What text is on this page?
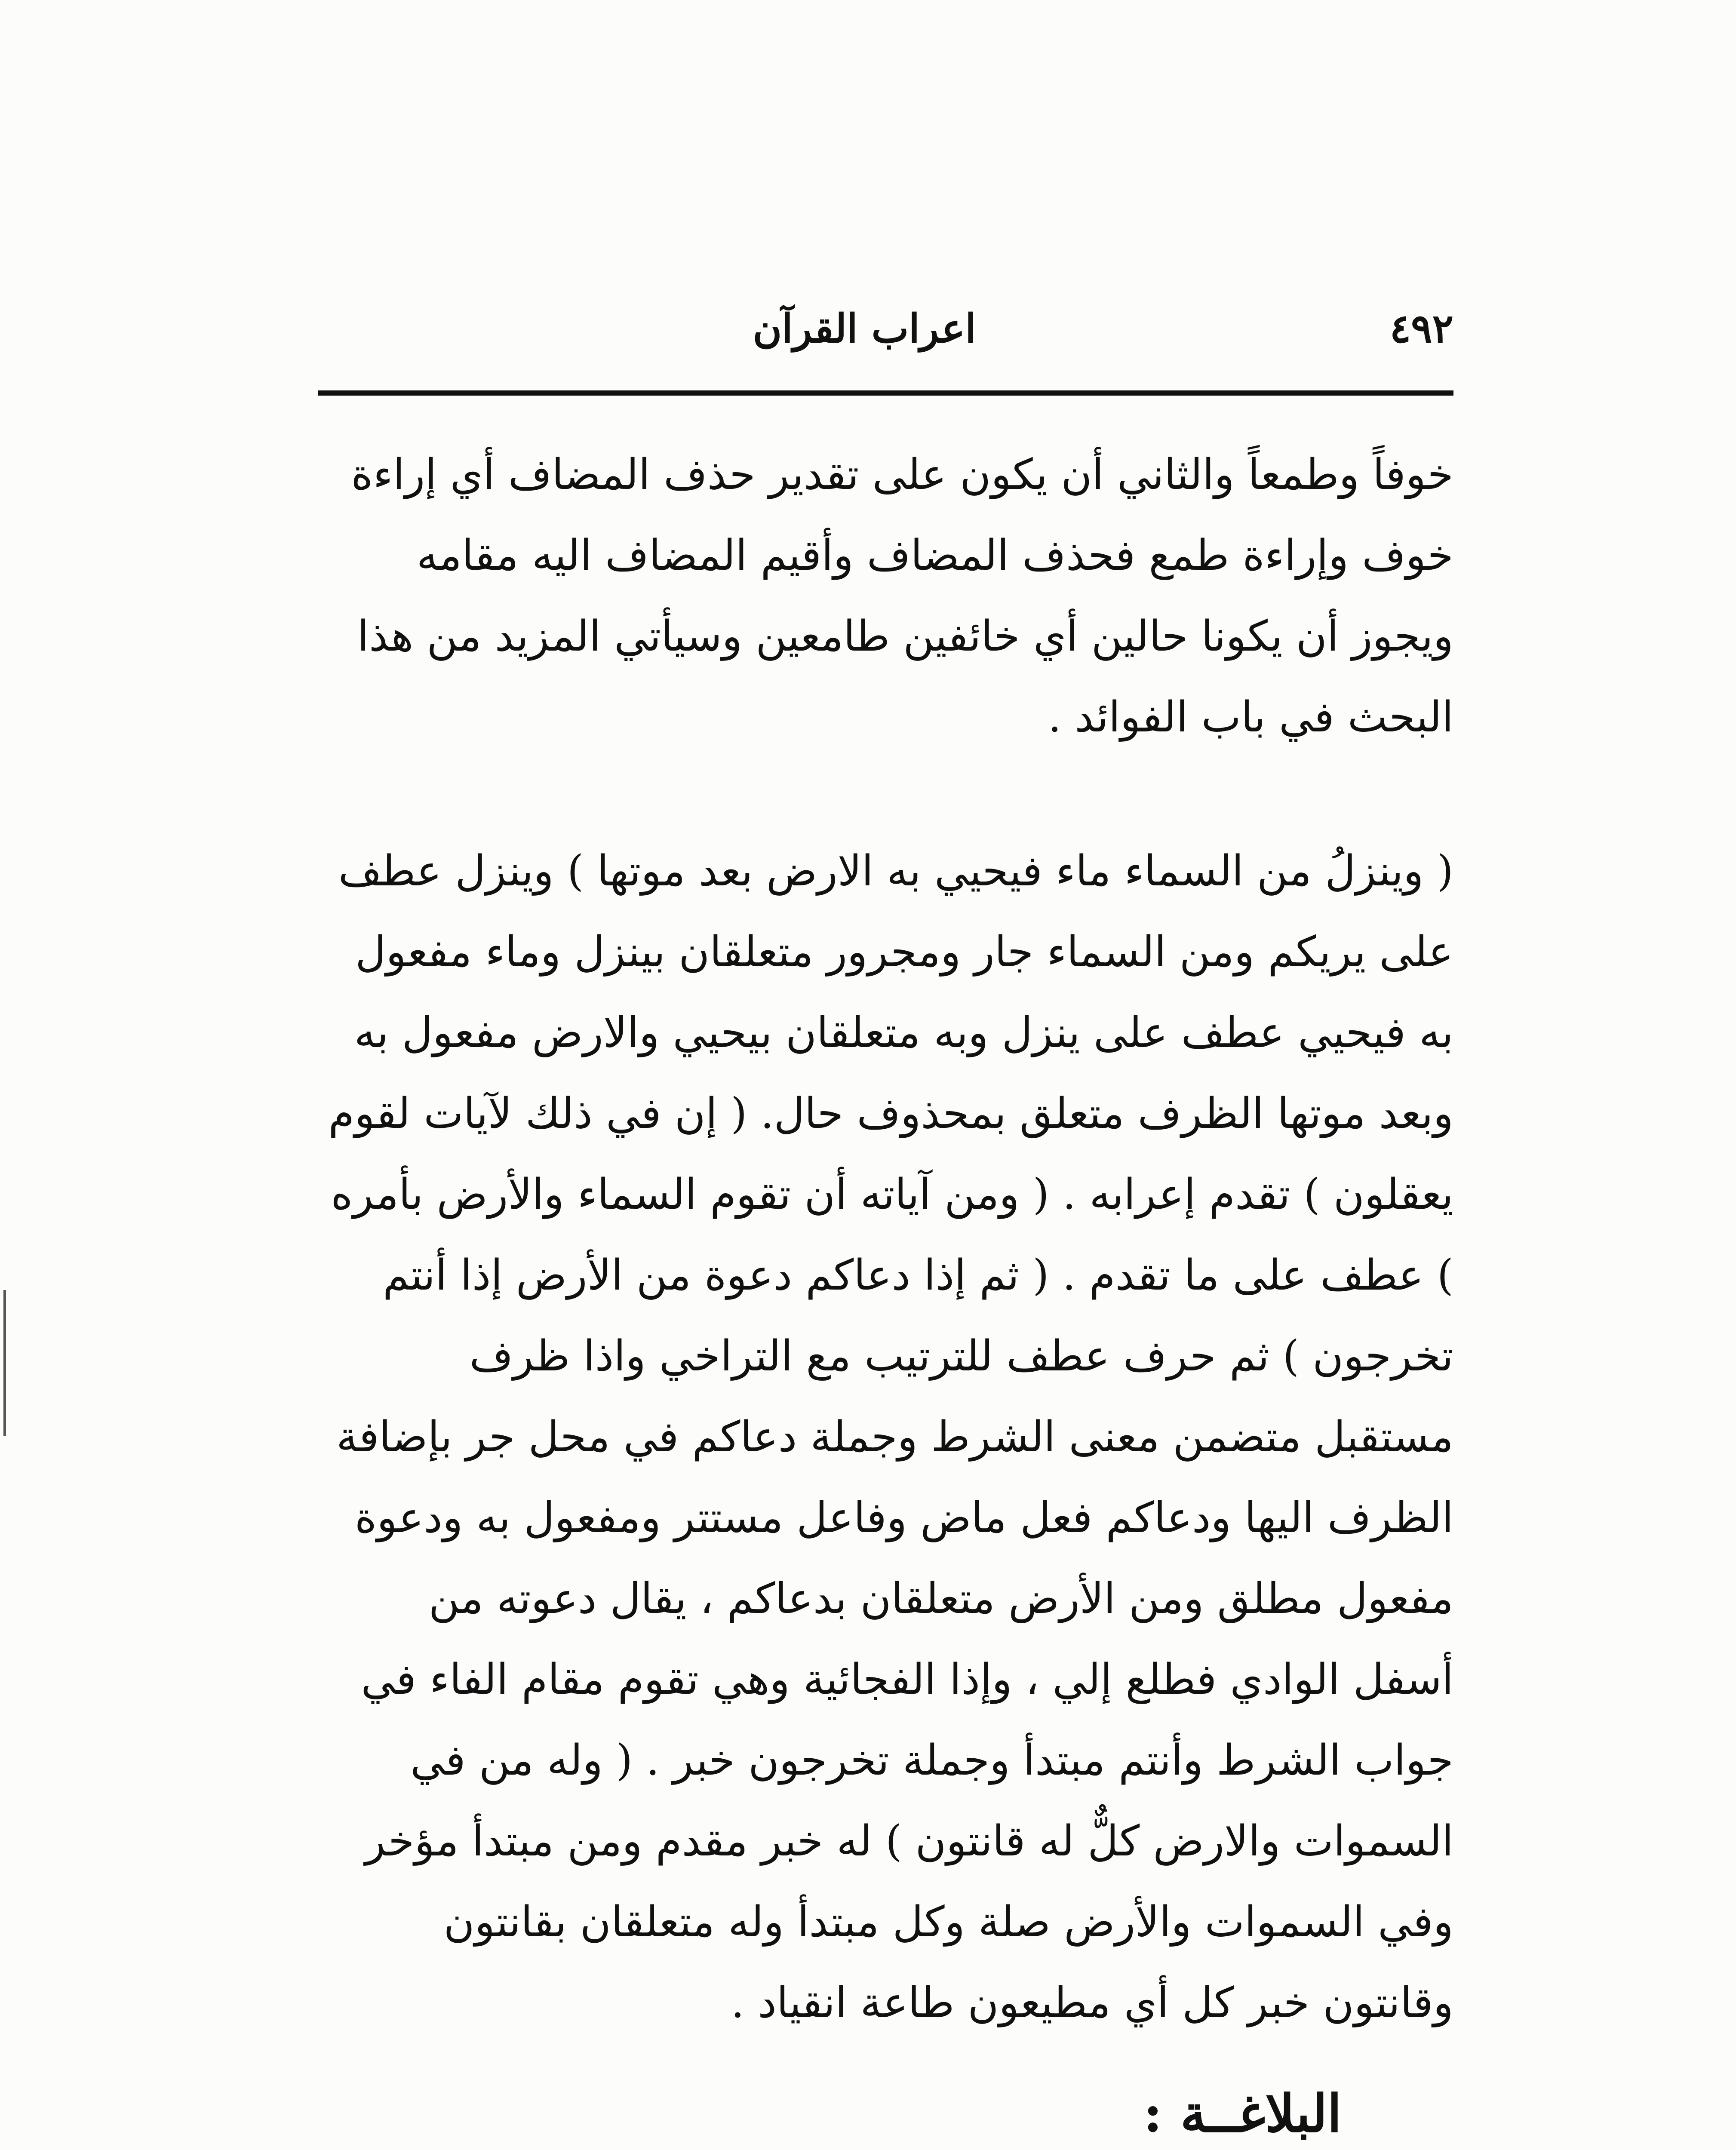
٤٩٢
اعراب القرآن

خوفاً وطمعاً والثاني أن يكون على تقدير حذف المضاف أي إراءة خوف وإراءة طمع فحذف المضاف وأقيم المضاف اليه مقامه ويجوز أن يكونا حالين أي خائفين طامعين وسيأتي المزيد من هذا البحث في باب الفوائد .

( وينزلُ من السماء ماء فيحيي به الارض بعد موتها ) وينزل عطف على يريكم ومن السماء جار ومجرور متعلقان بينزل وماء مفعول به فيحيي عطف على ينزل وبه متعلقان بيحيي والارض مفعول به وبعد موتها الظرف متعلق بمحذوف حال. ( إن في ذلك لآيات لقوم يعقلون ) تقدم إعرابه . ( ومن آياته أن تقوم السماء والأرض بأمره ) عطف على ما تقدم . ( ثم إذا دعاكم دعوة من الأرض إذا أنتم تخرجون ) ثم حرف عطف للترتيب مع التراخي واذا ظرف مستقبل متضمن معنى الشرط وجملة دعاكم في محل جر بإضافة الظرف اليها ودعاكم فعل ماض وفاعل مستتر ومفعول به ودعوة مفعول مطلق ومن الأرض متعلقان بدعاكم ، يقال دعوته من أسفل الوادي فطلع إلي ، وإذا الفجائية وهي تقوم مقام الفاء في جواب الشرط وأنتم مبتدأ وجملة تخرجون خبر . ( وله من في السموات والارض كلٌّ له قانتون ) له خبر مقدم ومن مبتدأ مؤخر وفي السموات والأرض صلة وكل مبتدأ وله متعلقان بقانتون وقانتون خبر كل أي مطيعون طاعة انقياد .

البلاغــة :
